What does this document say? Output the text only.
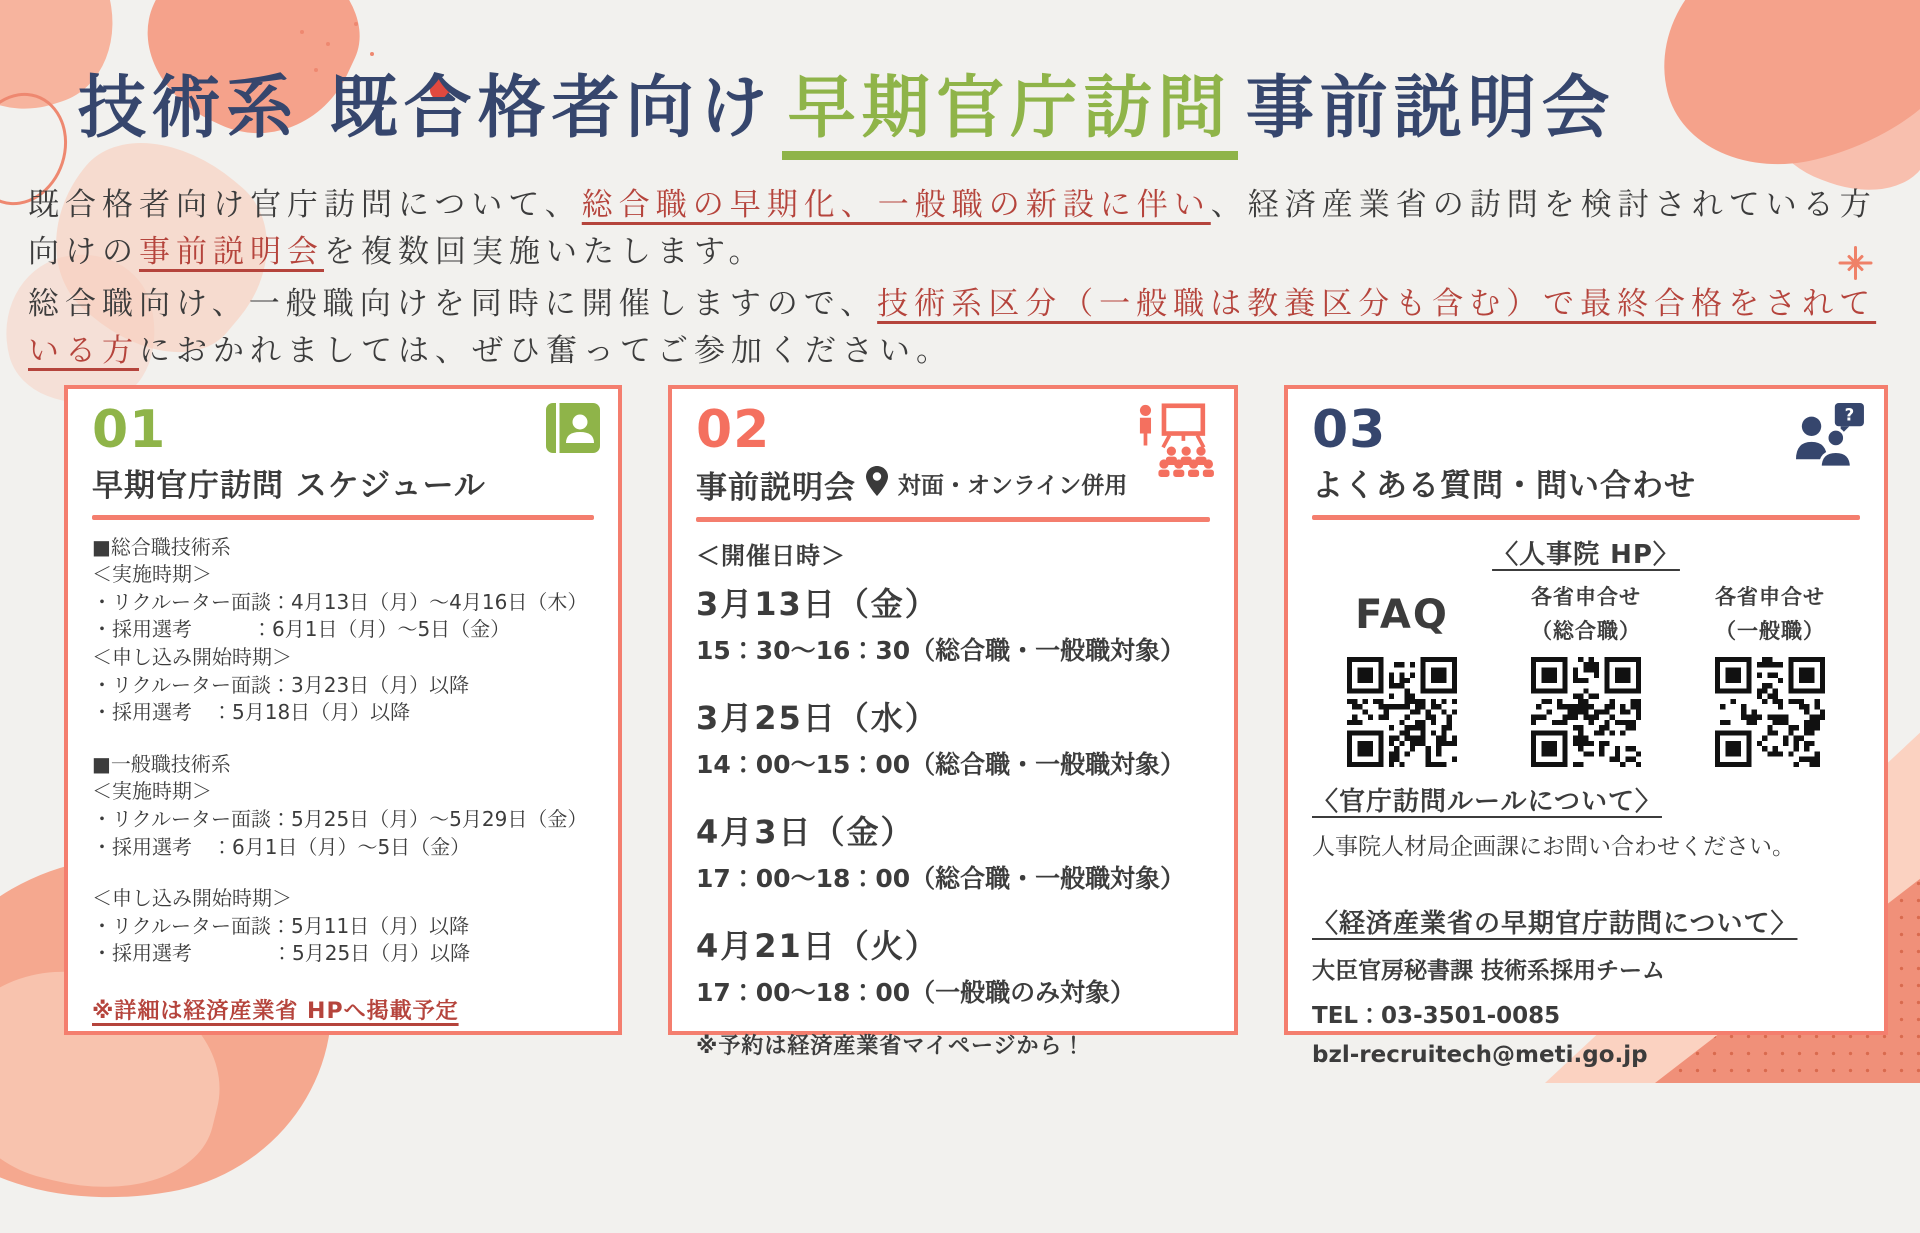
技術系 既合格者向け 早期官庁訪問 事前説明会

既合格者向け官庁訪問について、総合職の早期化、一般職の新設に伴い、経済産業省の訪問を検討されている方向けの事前説明会を複数回実施いたします。

総合職向け、一般職向けを同時に開催しますので、技術系区分（一般職は教養区分も含む）で最終合格をされている方におかれましては、ぜひ奮ってご参加ください。

01
早期官庁訪問 スケジュール
■総合職技術系
＜実施時期＞
・リクルーター面談：4月13日（月）～4月16日（木）
・採用選考　　　：6月1日（月）～5日（金）
＜申し込み開始時期＞
・リクルーター面談：3月23日（月）以降
・採用選考　：5月18日（月）以降
■一般職技術系
＜実施時期＞
・リクルーター面談：5月25日（月）～5月29日（金）
・採用選考　：6月1日（月）～5日（金）
＜申し込み開始時期＞
・リクルーター面談：5月11日（月）以降
・採用選考　　　　：5月25日（月）以降
※詳細は経済産業省 HPへ掲載予定
02
事前説明会 対面・オンライン併用
＜開催日時＞
3月13日（金）
15：30～16：30（総合職・一般職対象）
3月25日（水）
14：00～15：00（総合職・一般職対象）
4月3日（金）
17：00～18：00（総合職・一般職対象）
4月21日（火）
17：00～18：00（一般職のみ対象）
※予約は経済産業省マイページから！
?
03
よくある質問・問い合わせ
〈人事院 HP〉
FAQ	各省申合せ
（総合職）
各省申合せ
（一般職）
〈官庁訪問ルールについて〉
人事院人材局企画課にお問い合わせください。
〈経済産業省の早期官庁訪問について〉
大臣官房秘書課 技術系採用チーム
TEL：03-3501-0085
bzl-recruitech@meti.go.jp
